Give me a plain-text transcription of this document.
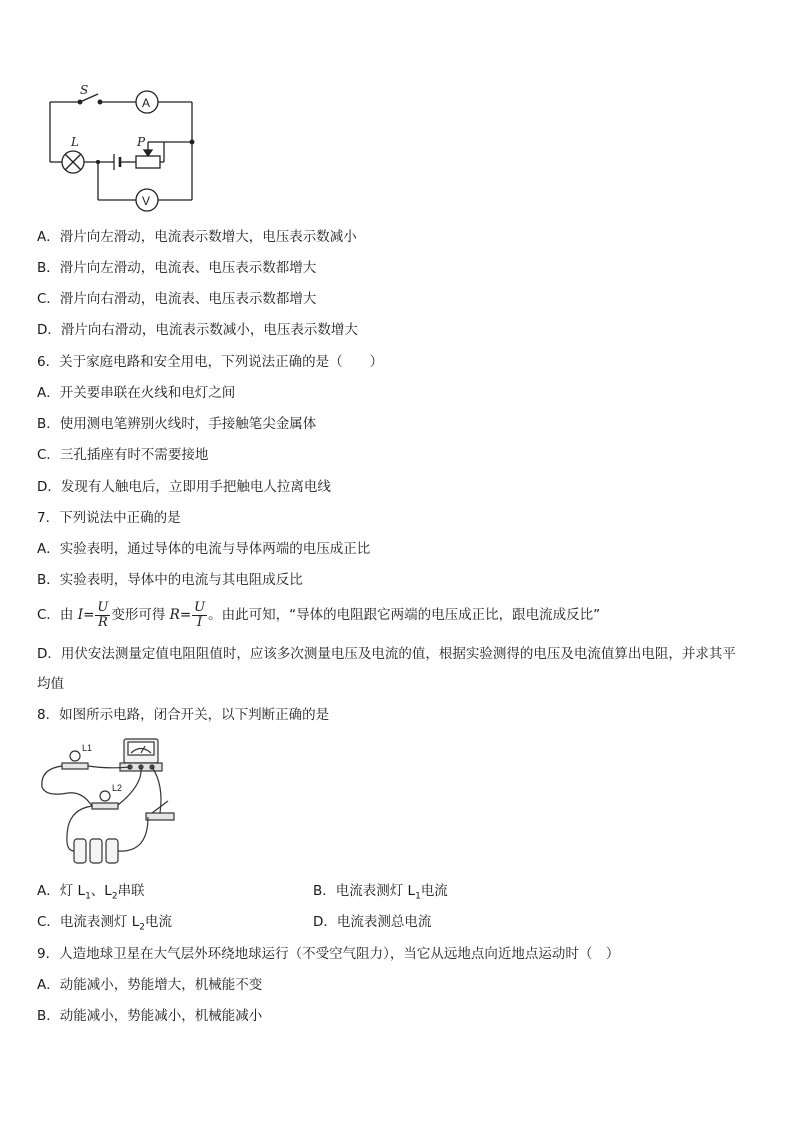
S
A
V
L	P
A．滑片向左滑动，电流表示数增大，电压表示数减小
B．滑片向左滑动，电流表、电压表示数都增大
C．滑片向右滑动，电流表、电压表示数都增大
D．滑片向右滑动，电流表示数减小，电压表示数增大
6．关于家庭电路和安全用电，下列说法正确的是（　　）
A．开关要串联在火线和电灯之间
B．使用测电笔辨别火线时，手接触笔尖金属体
C．三孔插座有时不需要接地
D．发现有人触电后，立即用手把触电人拉离电线
7．下列说法中正确的是
A．实验表明，通过导体的电流与导体两端的电压成正比
B．实验表明，导体中的电流与其电阻成反比
C．由 $I= \frac{U}{R}$ 变形可得 $R= \frac{U}{I}$ 。由此可知，“导体的电阻跟它两端的电压成正比，跟电流成反比”
D．用伏安法测量定值电阻阻值时，应该多次测量电压及电流的值，根据实验测得的电压及电流值算出电阻，并求其平
均值
8．如图所示电路，闭合开关，以下判断正确的是
L1
L2
A．灯 $L_1$、$L_2$串联	B．电流表测灯 $L_1$电流
C．电流表测灯 $L_2$电流	D．电流表测总电流
9．人造地球卫星在大气层外环绕地球运行（不受空气阻力），当它从远地点向近地点运动时（　）
A．动能减小，势能增大，机械能不变
B．动能减小，势能减小，机械能减小
